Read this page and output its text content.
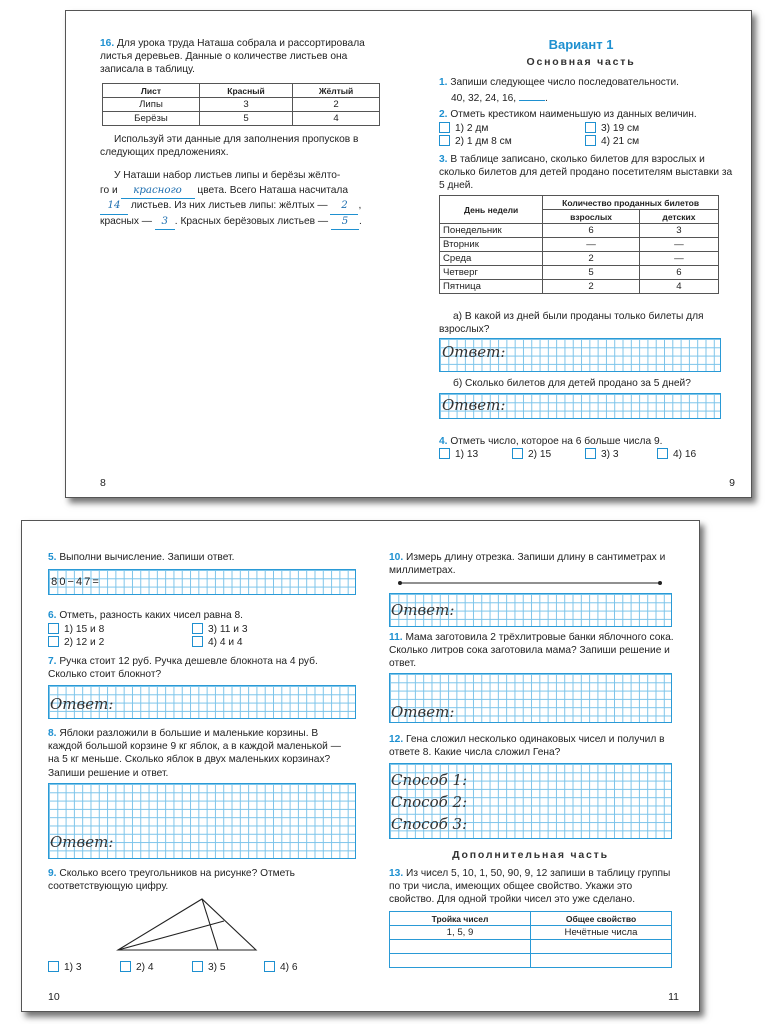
16. Для урока труда Наташа собрала и рассортировала листья деревьев. Данные о количестве листьев она записала в таблицу.
Лист	Красный	Жёлтый
Липы	3	2
Берёзы	5	4
Используй эти данные для заполнения пропусков в следующих предложениях.
У Наташи набор листьев липы и берёзы жёлто-
го и красного цвета. Всего Наташа насчитала
14 листьев. Из них листьев липы: жёлтых — 2 ,
красных — 3 . Красных берёзовых листьев — 5 .
8
Вариант 1
Основная часть
1. Запиши следующее число последовательности.
40, 32, 24, 16,	.
2. Отметь крестиком наименьшую из данных величин.
1) 2 дм
2) 1 дм 8 см
3) 19 см
4) 21 см
3. В таблице записано, сколько билетов для взрослых и сколько билетов для детей продано посетителям выставки за 5 дней.
День недели	Количество проданных билетов	
	взрослых	детских
Понедельник	6	3
Вторник	—	—
Среда	2	—
Четверг	5	6
Пятница	2	4
а) В какой из дней были проданы только билеты для взрослых?
Ответ:
б) Сколько билетов для детей продано за 5 дней?
Ответ:
4. Отметь число, которое на 6 больше числа 9.
1) 13	2) 15	3) 3	4) 16
9
5. Выполни вычисление. Запиши ответ.
8 0 − 4 7 =
6. Отметь, разность каких чисел равна 8.
1) 15 и 8
2) 12 и 2
3) 11 и 3
4) 4 и 4
7. Ручка стоит 12 руб. Ручка дешевле блокнота на 4 руб. Сколько стоит блокнот?
Ответ:
8. Яблоки разложили в большие и маленькие корзины. В каждой большой корзине 9 кг яблок, а в каждой маленькой — на 5 кг меньше. Сколько яблок в двух маленьких корзинах? Запиши решение и ответ.
Ответ:
9. Сколько всего треугольников на рисунке? Отметь соответствующую цифру.
1) 3	2) 4	3) 5	4) 6
10
10. Измерь длину отрезка. Запиши длину в сантиметрах и миллиметрах.
Ответ:
11. Мама заготовила 2 трёхлитровые банки яблочного сока. Сколько литров сока заготовила мама? Запиши решение и ответ.
Ответ:
12. Гена сложил несколько одинаковых чисел и получил в ответе 8. Какие числа сложил Гена?
Способ 1:
Способ 2:
Способ 3:
Дополнительная часть
13. Из чисел 5, 10, 1, 50, 90, 9, 12 запиши в таблицу группы по три числа, имеющих общее свойство. Укажи это свойство. Для одной тройки чисел это уже сделано.
Тройка чисел	Общее свойство
1, 5, 9	Нечётные числа

11
